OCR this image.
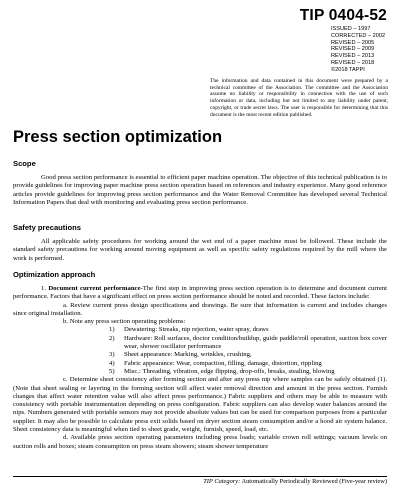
TIP 0404-52
ISSUED – 1997
CORRECTED – 2002
REVISED – 2005
REVISED – 2009
REVISED – 2013
REVISED – 2018
©2018 TAPPI
The information and data contained in this document were prepared by a technical committee of the Association. The committee and the Association assume no liability or responsibility in connection with the use of such information or data, including but not limited to any liability under patent, copyright, or trade secret laws. The user is responsible for determining that this document is the most recent edition published.
Press section optimization
Scope
Good press section performance is essential to efficient paper machine operation. The objective of this technical publication is to provide guidelines for improving paper machine press section operation based on references and industry experience. Many good reference articles provide guidelines for improving press section performance and the Water Removal Committee has developed several Technical Information Papers that deal with monitoring and evaluating press section performance.
Safety precautions
All applicable safety procedures for working around the wet end of a paper machine must be followed. These include the standard safety precautions for working around moving equipment as well as specific safety regulations required by the mill where the work is performed.
Optimization approach
1. Document current performance-The first step in improving press section operation is to determine and document current performance. Factors that have a significant effect on press section performance should be noted and recorded. These factors include:
a. Review current press design specifications and drawings. Be sure that information is current and includes changes since original installation.
b. Note any press section operating problems:
1) Dewatering: Streaks, nip rejection, water spray, draws
2) Hardware: Roll surfaces, doctor condition/buildup, guide paddle/roll operation, suction box cover wear, shower oscillator performance
3) Sheet appearance: Marking, wrinkles, crushing,
4) Fabric appearance: Wear, compaction, filling, damage, distortion, rippling
5) Misc.: Threading, vibration, edge flipping, drop-offs, breaks, stealing, blowing
c. Determine sheet consistency after forming section and after any press nip where samples can be safely obtained (1). (Note that sheet sealing or layering in the forming section will affect water removal direction and amount in the press section. Furnish changes that affect water retention value will also affect press performance.) Fabric suppliers and others may be able to measure with consistency with portable instrumentation depending on press configuration. Fabric suppliers can also develop water balances around the nips. Numbers generated with portable sensors may not provide absolute values but can be used for comparison purposes from a particular supplier. It may also be possible to calculate press exit solids based on dryer section steam consumption and/or a hood air system balance. Sheet consistency data is meaningful when tied to sheet grade, weight, furnish, speed, load, etc.
d. Available press section operating parameters including press loads; variable crown roll settings; vacuum levels on suction rolls and boxes; steam consumption on press steam showers; steam shower temperature
TIP Category: Automatically Periodically Reviewed (Five-year review)
